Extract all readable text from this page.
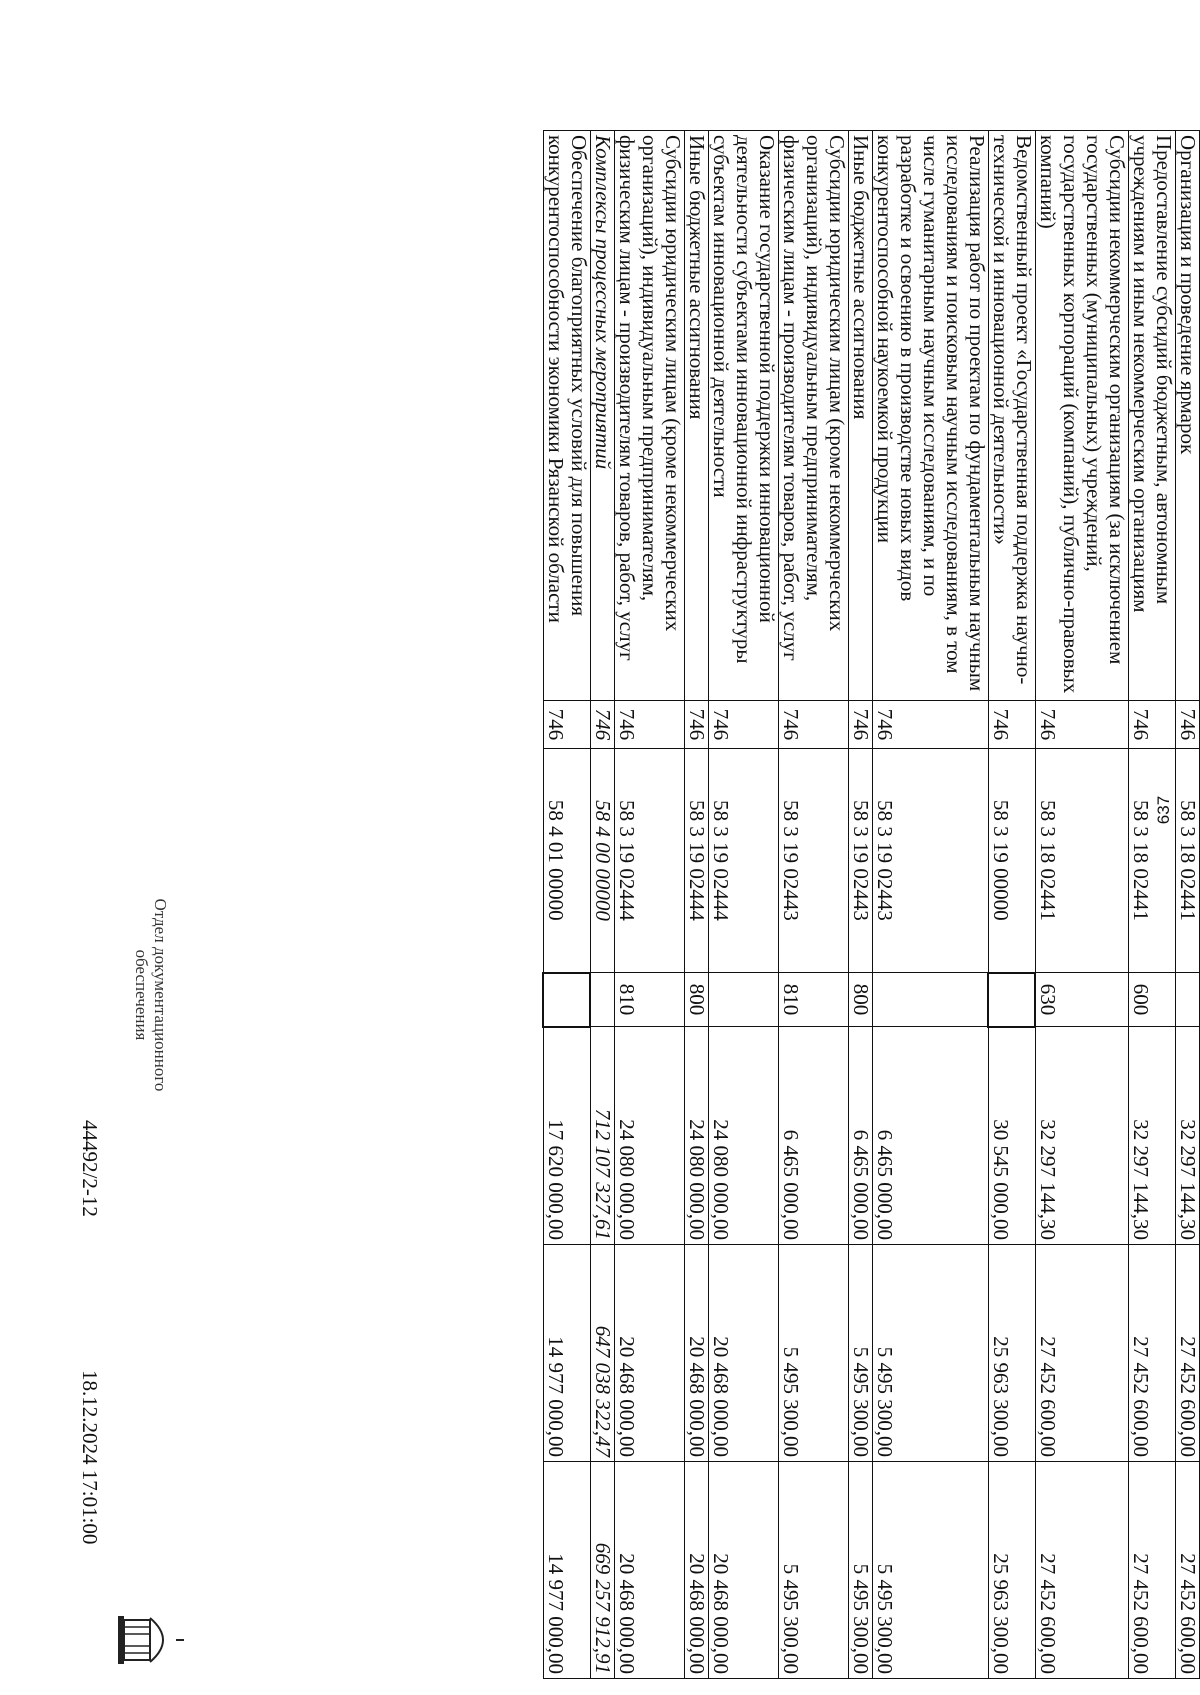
Организация и проведение ярмарок	746	58 3 18 02441		32 297 144,30	27 452 600,00	27 452 600,00
Предоставление субсидий бюджетным, автономным учреждениям и иным некоммерческим организациям	746	58 3 18 02441	600	32 297 144,30	27 452 600,00	27 452 600,00
Субсидии некоммерческим организациям (за исключением государственных (муниципальных) учреждений, государственных корпораций (компаний), публично-правовых компаний)	746	58 3 18 02441	630	32 297 144,30	27 452 600,00	27 452 600,00
Ведомственный проект «Государственная поддержка научно-технической и инновационной деятельности»	746	58 3 19 00000		30 545 000,00	25 963 300,00	25 963 300,00
Реализация работ по проектам по фундаментальным научным исследованиям и поисковым научным исследованиям, в том числе гуманитарным научным исследованиям, и по разработке и освоению в производстве новых видов конкурентоспособной наукоемкой продукции	746	58 3 19 02443		6 465 000,00	5 495 300,00	5 495 300,00
Иные бюджетные ассигнования	746	58 3 19 02443	800	6 465 000,00	5 495 300,00	5 495 300,00
Субсидии юридическим лицам (кроме некоммерческих организаций), индивидуальным предпринимателям, физическим лицам - производителям товаров, работ, услуг	746	58 3 19 02443	810	6 465 000,00	5 495 300,00	5 495 300,00
Оказание государственной поддержки инновационной деятельности субъектами инновационной инфраструктуры субъектам инновационной деятельности	746	58 3 19 02444		24 080 000,00	20 468 000,00	20 468 000,00
Иные бюджетные ассигнования	746	58 3 19 02444	800	24 080 000,00	20 468 000,00	20 468 000,00
Субсидии юридическим лицам (кроме некоммерческих организаций), индивидуальным предпринимателям, физическим лицам - производителям товаров, работ, услуг	746	58 3 19 02444	810	24 080 000,00	20 468 000,00	20 468 000,00
Комплексы процессных мероприятий	746	58 4 00 00000		712 107 327,61	647 038 322,47	669 257 912,91
Обеспечение благоприятных условий для повышения конкурентоспособности экономики Рязанской области	746	58 4 01 00000		17 620 000,00	14 977 000,00	14 977 000,00
Отдел документационного
обеспечения
18.12.2024 17:01:00
44492/2-12
637
